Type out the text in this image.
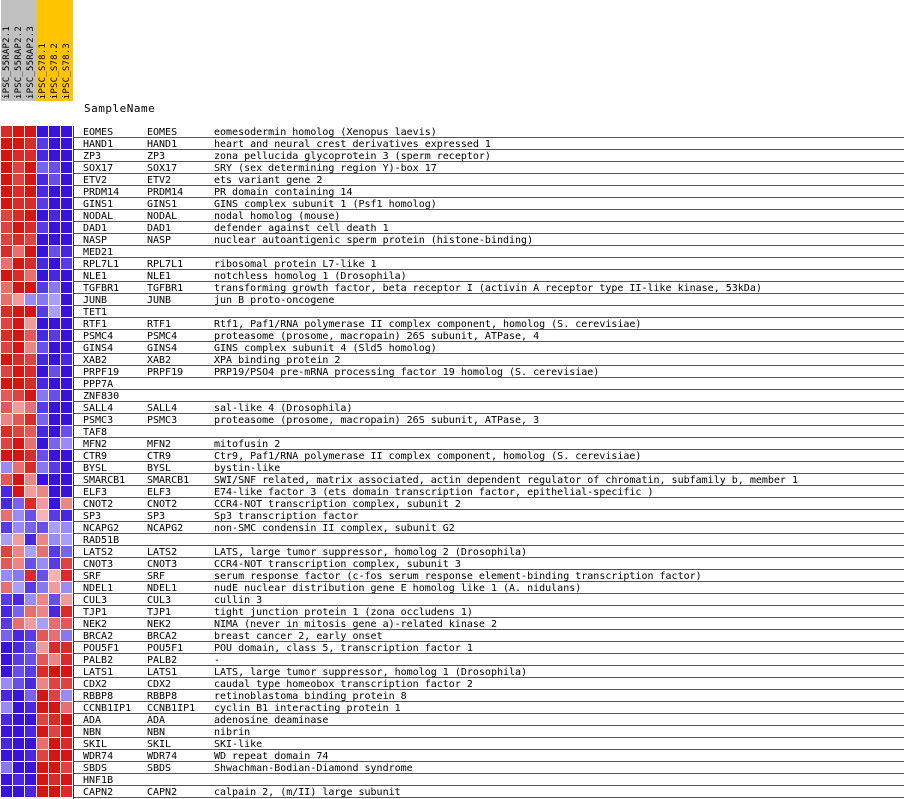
iPSC_55RAP2.1 iPSC_55RAP2.2 iPSC_55RAP2.3 iPSC_S78.1 iPSC_S78.2 iPSC_S78.3
SampleName
EOMES	EOMES	eomesodermin homolog (Xenopus laevis)
HAND1	HAND1	heart and neural crest derivatives expressed 1
ZP3	ZP3	zona pellucida glycoprotein 3 (sperm receptor)
SOX17	SOX17	SRY (sex determining region Y)-box 17
ETV2	ETV2	ets variant gene 2
PRDM14	PRDM14	PR domain containing 14
GINS1	GINS1	GINS complex subunit 1 (Psf1 homolog)
NODAL	NODAL	nodal homolog (mouse)
DAD1	DAD1	defender against cell death 1
NASP	NASP	nuclear autoantigenic sperm protein (histone-binding)
MED21
RPL7L1	RPL7L1	ribosomal protein L7-like 1
NLE1	NLE1	notchless homolog 1 (Drosophila)
TGFBR1	TGFBR1	transforming growth factor, beta receptor I (activin A receptor type II-like kinase, 53kDa)
JUNB	JUNB	jun B proto-oncogene
TET1
RTF1	RTF1	Rtf1, Paf1/RNA polymerase II complex component, homolog (S. cerevisiae)
PSMC4	PSMC4	proteasome (prosome, macropain) 26S subunit, ATPase, 4
GINS4	GINS4	GINS complex subunit 4 (Sld5 homolog)
XAB2	XAB2	XPA binding protein 2
PRPF19	PRPF19	PRP19/PSO4 pre-mRNA processing factor 19 homolog (S. cerevisiae)
PPP7A
ZNF830
SALL4	SALL4	sal-like 4 (Drosophila)
PSMC3	PSMC3	proteasome (prosome, macropain) 26S subunit, ATPase, 3
TAF8
MFN2	MFN2	mitofusin 2
CTR9	CTR9	Ctr9, Paf1/RNA polymerase II complex component, homolog (S. cerevisiae)
BYSL	BYSL	bystin-like
SMARCB1 SMARCB1 SWI/SNF related, matrix associated, actin dependent regulator of chromatin, subfamily b, member 1
ELF3	ELF3	E74-like factor 3 (ets domain transcription factor, epithelial-specific )
CNOT2	CNOT2	CCR4-NOT transcription complex, subunit 2
SP3	SP3	Sp3 transcription factor
NCAPG2	NCAPG2	non-SMC condensin II complex, subunit G2
RAD51B
LATS2	LATS2	LATS, large tumor suppressor, homolog 2 (Drosophila)
CNOT3	CNOT3	CCR4-NOT transcription complex, subunit 3
SRF	SRF	serum response factor (c-fos serum response element-binding transcription factor)
NDEL1	NDEL1	nudE nuclear distribution gene E homolog like 1 (A. nidulans)
CUL3	CUL3	cullin 3
TJP1	TJP1	tight junction protein 1 (zona occludens 1)
NEK2	NEK2	NIMA (never in mitosis gene a)-related kinase 2
BRCA2	BRCA2	breast cancer 2, early onset
POU5F1	POU5F1	POU domain, class 5, transcription factor 1
PALB2	PALB2	-
LATS1	LATS1	LATS, large tumor suppressor, homolog 1 (Drosophila)
CDX2	CDX2	caudal type homeobox transcription factor 2
RBBP8	RBBP8	retinoblastoma binding protein 8
CCNB1IP1 CCNB1IP1 cyclin B1 interacting protein 1
ADA	ADA	adenosine deaminase
NBN	NBN	nibrin
SKIL	SKIL	SKI-like
WDR74	WDR74	WD repeat domain 74
SBDS	SBDS	Shwachman-Bodian-Diamond syndrome
HNF1B
CAPN2	CAPN2	calpain 2, (m/II) large subunit
